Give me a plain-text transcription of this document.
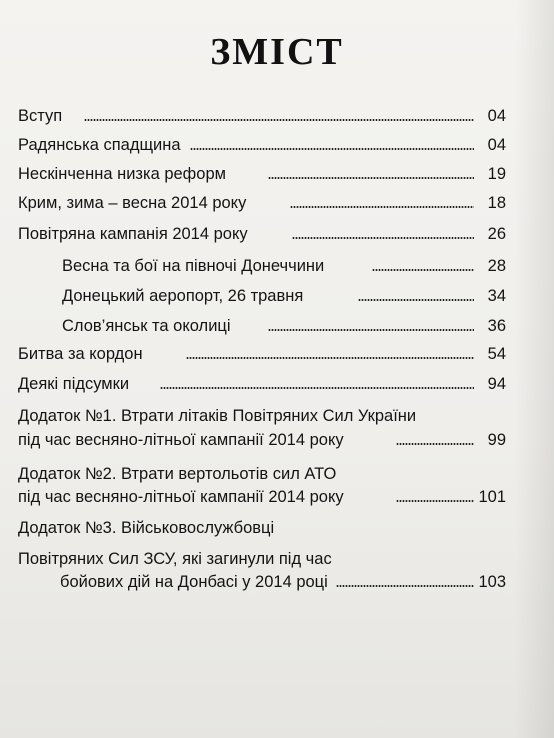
ЗМІСТ
Вступ	04
Радянська спадщина	04
Нескінченна низка реформ	19
Крим, зима – весна 2014 року	18
Повітряна кампанія 2014 року	26
Весна та бої на півночі Донеччини	28
Донецький аеропорт, 26 травня	34
Слов’янськ та околиці	36
Битва за кордон	54
Деякі підсумки	94
Додаток №1. Втрати літаків Повітряних Сил України
під час весняно-літньої кампанії 2014 року	99
Додаток №2. Втрати вертольотів сил АТО
під час весняно-літньої кампанії 2014 року	101
Додаток №3. Військовослужбовці
Повітряних Сил ЗСУ, які загинули під час
бойових дій на Донбасі у 2014 році	103
